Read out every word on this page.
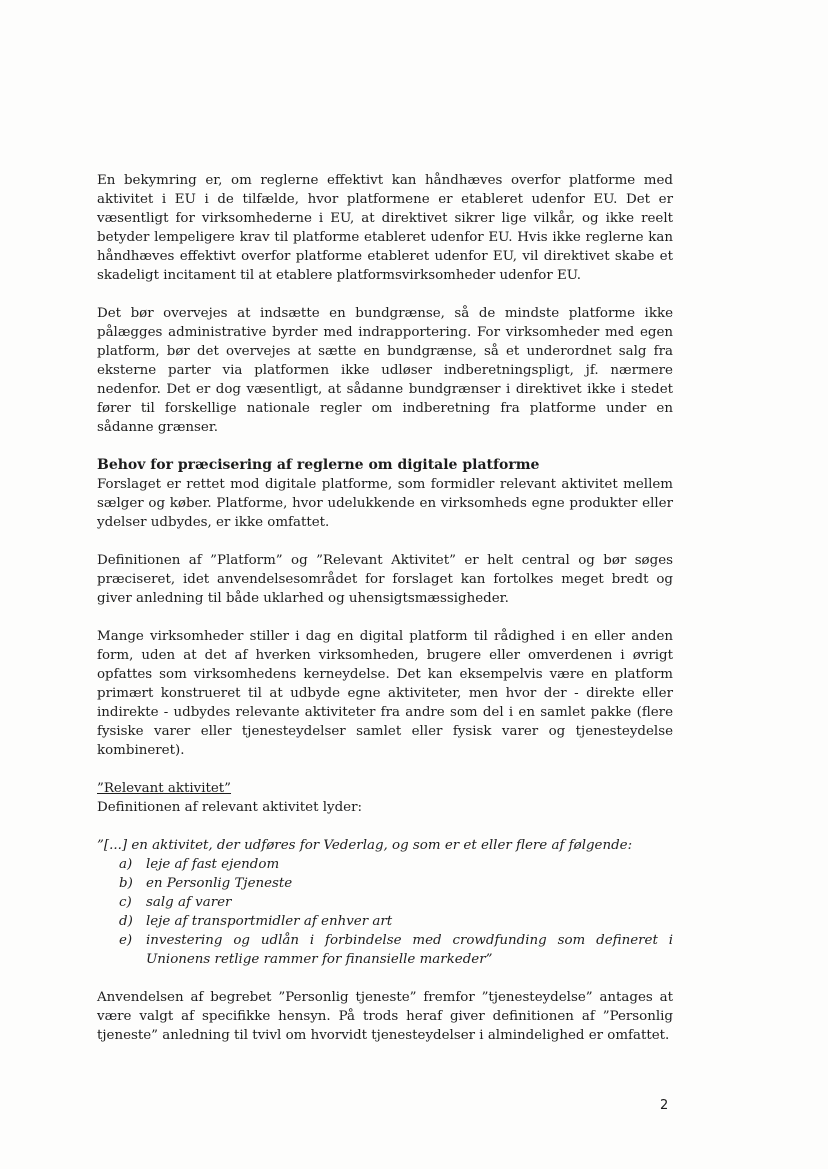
En bekymring er, om reglerne effektivt kan håndhæves overfor platforme med aktivitet i EU i de tilfælde, hvor platformene er etableret udenfor EU. Det er væsentligt for virksomhederne i EU, at direktivet sikrer lige vilkår, og ikke reelt betyder lempeligere krav til platforme etableret udenfor EU. Hvis ikke reglerne kan håndhæves effektivt overfor platforme etableret udenfor EU, vil direktivet skabe et skadeligt incitament til at etablere platformsvirksomheder udenfor EU.

Det bør overvejes at indsætte en bundgrænse, så de mindste platforme ikke pålægges administrative byrder med indrapportering. For virksomheder med egen platform, bør det overvejes at sætte en bundgrænse, så et underordnet salg fra eksterne parter via platformen ikke udløser indberetningspligt, jf. nærmere nedenfor. Det er dog væsentligt, at sådanne bundgrænser i direktivet ikke i stedet fører til forskellige nationale regler om indberetning fra platforme under en sådanne grænser.

Behov for præcisering af reglerne om digitale platforme

Forslaget er rettet mod digitale platforme, som formidler relevant aktivitet mellem sælger og køber. Platforme, hvor udelukkende en virksomheds egne produkter eller ydelser udbydes, er ikke omfattet.

Definitionen af ”Platform” og ”Relevant Aktivitet” er helt central og bør søges præciseret, idet anvendelsesområdet for forslaget kan fortolkes meget bredt og giver anledning til både uklarhed og uhensigtsmæssigheder.

Mange virksomheder stiller i dag en digital platform til rådighed i en eller anden form, uden at det af hverken virksomheden, brugere eller omverdenen i øvrigt opfattes som virksomhedens kerneydelse. Det kan eksempelvis være en platform primært konstrueret til at udbyde egne aktiviteter, men hvor der - direkte eller indirekte - udbydes relevante aktiviteter fra andre som del i en samlet pakke (flere fysiske varer eller tjenesteydelser samlet eller fysisk varer og tjenesteydelse kombineret).

”Relevant aktivitet”

Definitionen af relevant aktivitet lyder:

”[...] en aktivitet, der udføres for Vederlag, og som er et eller flere af følgende:

a)	leje af fast ejendom
b) en Personlig Tjeneste
c)	salg af varer
d) leje af transportmidler af enhver art
e)	investering og udlån i forbindelse med crowdfunding som defineret i Unionens retlige rammer for finansielle markeder”

Anvendelsen af begrebet ”Personlig tjeneste” fremfor ”tjenesteydelse” antages at være valgt af specifikke hensyn. På trods heraf giver definitionen af ”Personlig tjeneste” anledning til tvivl om hvorvidt tjenesteydelser i almindelighed er omfattet.

2
